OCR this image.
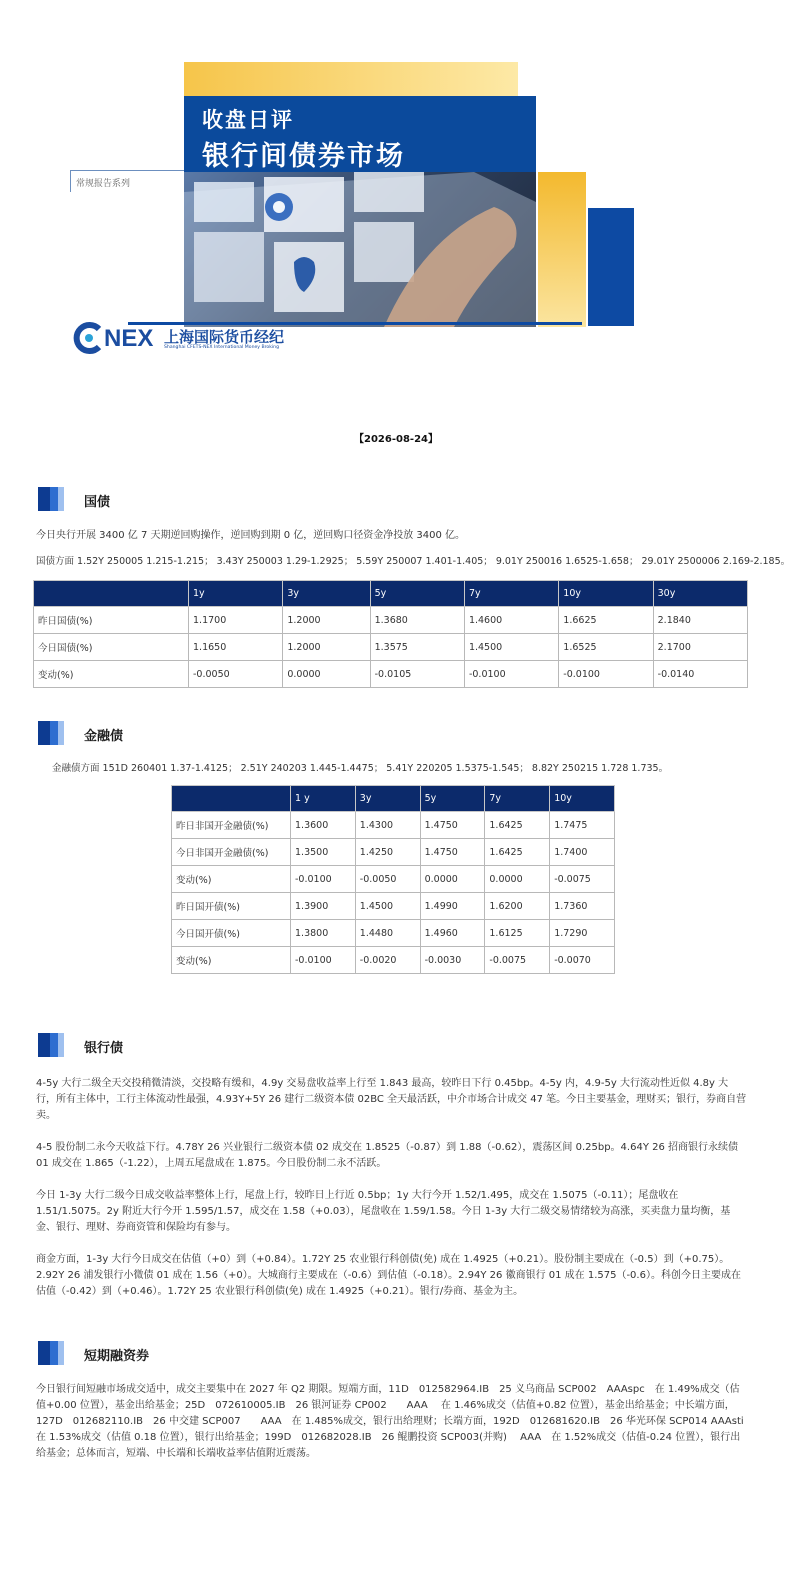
收盘日评
银行间债券市场
常规报告系列
NEX 上海国际货币经纪
Shanghai CFETS-NEX International Money Broking
【2026-08-24】
国债
今日央行开展 3400 亿 7 天期逆回购操作，逆回购到期 0 亿，逆回购口径资金净投放 3400 亿。
国债方面 1.52Y 250005 1.215-1.215； 3.43Y 250003 1.29-1.2925； 5.59Y 250007 1.401-1.405； 9.01Y 250016 1.6525-1.658； 29.01Y 2500006 2.169-2.185。
	1y	3y	5y	7y	10y	30y
昨日国债(%)	1.1700	1.2000	1.3680	1.4600	1.6625	2.1840
今日国债(%)	1.1650	1.2000	1.3575	1.4500	1.6525	2.1700
变动(%)	-0.0050	0.0000	-0.0105	-0.0100	-0.0100	-0.0140
金融债
金融债方面 151D 260401 1.37-1.4125； 2.51Y 240203 1.445-1.4475； 5.41Y 220205 1.5375-1.545； 8.82Y 250215 1.728 1.735。
	1 y	3y	5y	7y	10y
昨日非国开金融债(%)	1.3600	1.4300	1.4750	1.6425	1.7475
今日非国开金融债(%)	1.3500	1.4250	1.4750	1.6425	1.7400
变动(%)	-0.0100	-0.0050	0.0000	0.0000	-0.0075
昨日国开债(%)	1.3900	1.4500	1.4990	1.6200	1.7360
今日国开债(%)	1.3800	1.4480	1.4960	1.6125	1.7290
变动(%)	-0.0100	-0.0020	-0.0030	-0.0075	-0.0070
银行债
4-5y 大行二级全天交投稍微清淡，交投略有缓和，4.9y 交易盘收益率上行至 1.843 最高，较昨日下行 0.45bp。4-5y 内，4.9-5y 大行流动性近似 4.8y 大行，所有主体中，工行主体流动性最强，4.93Y+5Y 26 建行二级资本债 02BC 全天最活跃，中介市场合计成交 47 笔。今日主要基金，理财买；银行，券商自营卖。
4-5 股份制二永今天收益下行。4.78Y 26 兴业银行二级资本债 02 成交在 1.8525（-0.87）到 1.88（-0.62），震荡区间 0.25bp。4.64Y 26 招商银行永续债 01 成交在 1.865（-1.22），上周五尾盘成在 1.875。今日股份制二永不活跃。
今日 1-3y 大行二级今日成交收益率整体上行，尾盘上行，较昨日上行近 0.5bp；1y 大行今开 1.52/1.495，成交在 1.5075（-0.11）；尾盘收在 1.51/1.5075。2y 附近大行今开 1.595/1.57，成交在 1.58（+0.03），尾盘收在 1.59/1.58。今日 1-3y 大行二级交易情绪较为高涨，买卖盘力量均衡，基金、银行、理财、券商资管和保险均有参与。
商金方面，1-3y 大行今日成交在估值（+0）到（+0.84）。1.72Y 25 农业银行科创债(免) 成在 1.4925（+0.21）。股份制主要成在（-0.5）到（+0.75）。2.92Y 26 浦发银行小微债 01 成在 1.56（+0）。大城商行主要成在（-0.6）到估值（-0.18）。2.94Y 26 徽商银行 01 成在 1.575（-0.6）。科创今日主要成在估值（-0.42）到（+0.46）。1.72Y 25 农业银行科创债(免) 成在 1.4925（+0.21）。银行/券商、基金为主。
短期融资券
今日银行间短融市场成交适中，成交主要集中在 2027 年 Q2 期限。短端方面，11D　012582964.IB　25 义乌商品 SCP002　AAAspc　在 1.49%成交（估值+0.00 位置），基金出给基金；25D　072610005.IB　26 银河证券 CP002　　AAA　 在 1.46%成交（估值+0.82 位置），基金出给基金；中长端方面，127D　012682110.IB　26 中交建 SCP007　　AAA　在 1.485%成交，银行出给理财；长端方面，192D　012681620.IB　26 华光环保 SCP014 AAAsti 在 1.53%成交（估值 0.18 位置），银行出给基金；199D　012682028.IB　26 鲲鹏投资 SCP003(并购)　 AAA　在 1.52%成交（估值-0.24 位置），银行出给基金；总体而言，短端、中长端和长端收益率估值附近震荡。
